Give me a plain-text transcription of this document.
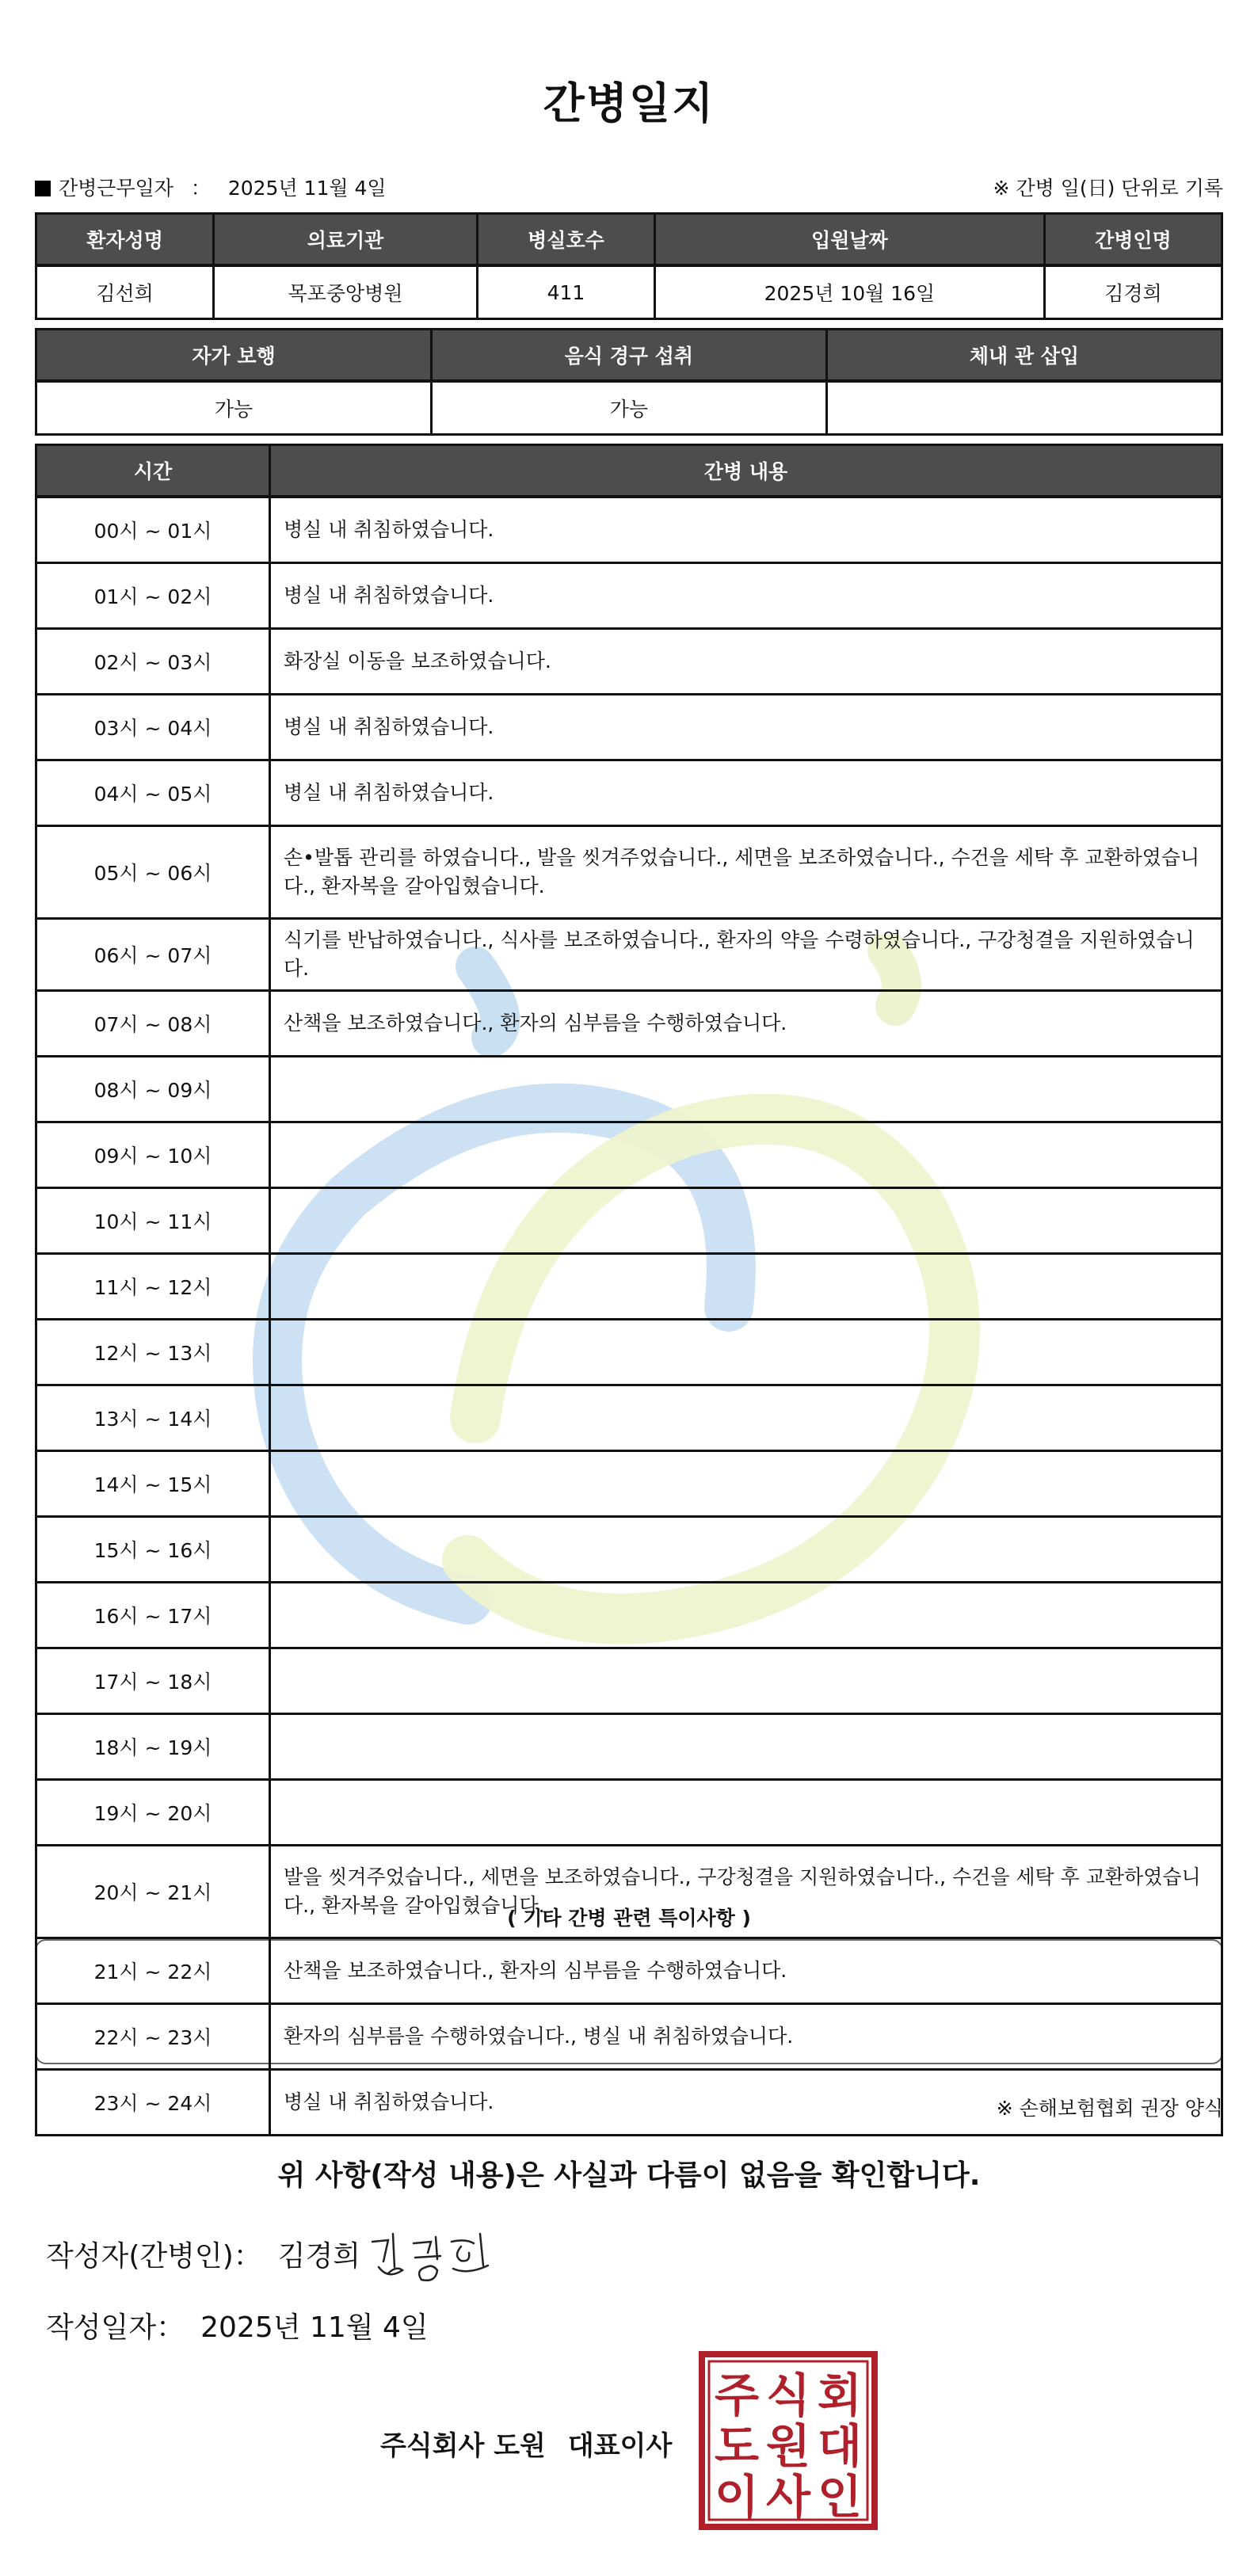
간병일지
간병근무일자 ： 2025년 11월 4일	※ 간병 일(日) 단위로 기록
환자성명	의료기관	병실호수	입원날짜	간병인명
김선희	목포중앙병원	411	2025년 10월 16일	김경희
자가 보행	음식 경구 섭취	체내 관 삽입
가능	가능	
시간	간병 내용
00시 ~ 01시	병실 내 취침하였습니다.
01시 ~ 02시	병실 내 취침하였습니다.
02시 ~ 03시	화장실 이동을 보조하였습니다.
03시 ~ 04시	병실 내 취침하였습니다.
04시 ~ 05시	병실 내 취침하였습니다.
05시 ~ 06시	손•발톱 관리를 하였습니다., 발을 씻겨주었습니다., 세면을 보조하였습니다., 수건을 세탁 후 교환하였습니다., 환자복을 갈아입혔습니다.
06시 ~ 07시	식기를 반납하였습니다., 식사를 보조하였습니다., 환자의 약을 수령하였습니다., 구강청결을 지원하였습니다.
07시 ~ 08시	산책을 보조하였습니다., 환자의 심부름을 수행하였습니다.
08시 ~ 09시	
09시 ~ 10시	
10시 ~ 11시	
11시 ~ 12시	
12시 ~ 13시	
13시 ~ 14시	
14시 ~ 15시	
15시 ~ 16시	
16시 ~ 17시	
17시 ~ 18시	
18시 ~ 19시	
19시 ~ 20시	
20시 ~ 21시	발을 씻겨주었습니다., 세면을 보조하였습니다., 구강청결을 지원하였습니다., 수건을 세탁 후 교환하였습니다., 환자복을 갈아입혔습니다.
21시 ~ 22시	산책을 보조하였습니다., 환자의 심부름을 수행하였습니다.
22시 ~ 23시	환자의 심부름을 수행하였습니다., 병실 내 취침하였습니다.
23시 ~ 24시	병실 내 취침하였습니다.
( 기타 간병 관련 특이사항 )
※ 손해보험협회 권장 양식
위 사항(작성 내용)은 사실과 다름이 없음을 확인합니다.
작성자(간병인)： 김경희
작성일자： 2025년 11월 4일
주식회사 도원 대표이사
주 식 회
도 원 대
이 사 인
